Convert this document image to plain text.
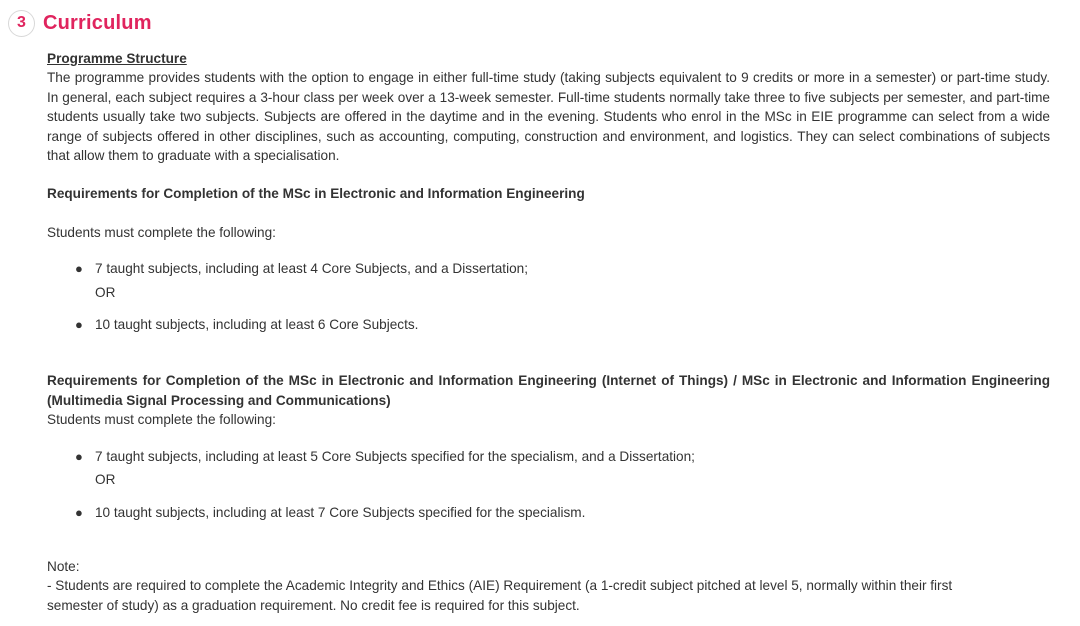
3 Curriculum
Programme Structure

The programme provides students with the option to engage in either full-time study (taking subjects equivalent to 9 credits or more in a semester) or part-time study. In general, each subject requires a 3-hour class per week over a 13-week semester. Full-time students normally take three to five subjects per semester, and part-time students usually take two subjects. Subjects are offered in the daytime and in the evening. Students who enrol in the MSc in EIE programme can select from a wide range of subjects offered in other disciplines, such as accounting, computing, construction and environment, and logistics. They can select combinations of subjects that allow them to graduate with a specialisation.

Requirements for Completion of the MSc in Electronic and Information Engineering

Students must complete the following:

● 7 taught subjects, including at least 4 Core Subjects, and a Dissertation;
OR
● 10 taught subjects, including at least 6 Core Subjects.

Requirements for Completion of the MSc in Electronic and Information Engineering (Internet of Things) / MSc in Electronic and Information Engineering (Multimedia Signal Processing and Communications)

Students must complete the following:

● 7 taught subjects, including at least 5 Core Subjects specified for the specialism, and a Dissertation;
OR
● 10 taught subjects, including at least 7 Core Subjects specified for the specialism.

Note:

- Students are required to complete the Academic Integrity and Ethics (AIE) Requirement (a 1-credit subject pitched at level 5, normally within their first semester of study) as a graduation requirement. No credit fee is required for this subject.
